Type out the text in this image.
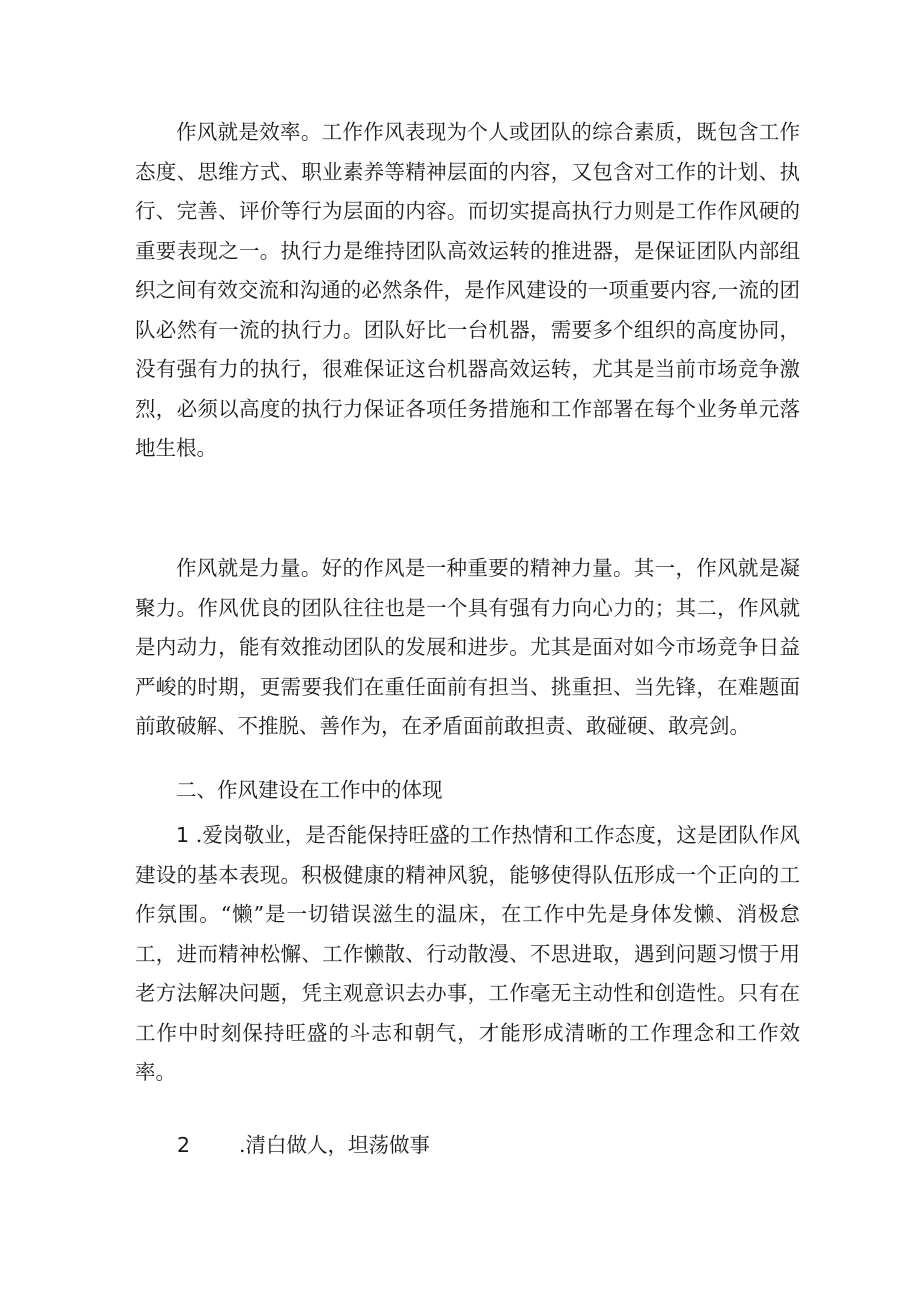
作风就是效率。工作作风表现为个人或团队的综合素质，既包含工作态度、思维方式、职业素养等精神层面的内容，又包含对工作的计划、执行、完善、评价等行为层面的内容。而切实提高执行力则是工作作风硬的重要表现之一。执行力是维持团队高效运转的推进器，是保证团队内部组织之间有效交流和沟通的必然条件，是作风建设的一项重要内容,一流的团队必然有一流的执行力。团队好比一台机器，需要多个组织的高度协同，没有强有力的执行，很难保证这台机器高效运转，尤其是当前市场竞争激烈，必须以高度的执行力保证各项任务措施和工作部署在每个业务单元落地生根。

作风就是力量。好的作风是一种重要的精神力量。其一，作风就是凝聚力。作风优良的团队往往也是一个具有强有力向心力的；其二，作风就是内动力，能有效推动团队的发展和进步。尤其是面对如今市场竞争日益严峻的时期，更需要我们在重任面前有担当、挑重担、当先锋，在难题面前敢破解、不推脱、善作为，在矛盾面前敢担责、敢碰硬、敢亮剑。

二、作风建设在工作中的体现

1 .爱岗敬业，是否能保持旺盛的工作热情和工作态度，这是团队作风建设的基本表现。积极健康的精神风貌，能够使得队伍形成一个正向的工作氛围。“懒”是一切错误滋生的温床，在工作中先是身体发懒、消极怠工，进而精神松懈、工作懒散、行动散漫、不思进取，遇到问题习惯于用老方法解决问题，凭主观意识去办事，工作毫无主动性和创造性。只有在工作中时刻保持旺盛的斗志和朝气，才能形成清晰的工作理念和工作效率。

2 .清白做人，坦荡做事
